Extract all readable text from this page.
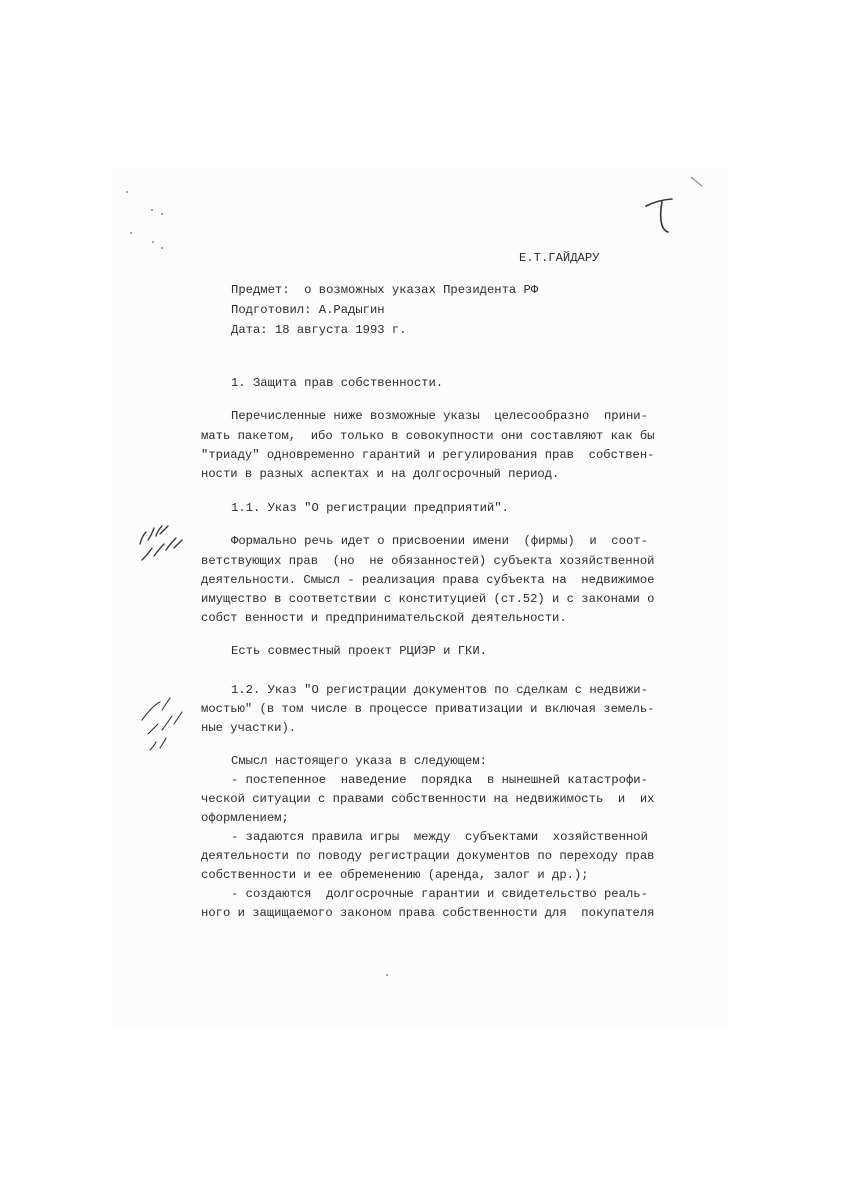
Е.Т.ГАЙДАРУ
Предмет:  о возможных указах Президента РФ
Подготовил: А.Радыгин
Дата: 18 августа 1993 г.
1. Защита прав собственности.
Перечисленные ниже возможные указы  целесообразно  прини-
мать пакетом,  ибо только в совокупности они составляют как бы
"триаду" одновременно гарантий и регулирования прав  собствен-
ности в разных аспектах и на долгосрочный период.
1.1. Указ "О регистрации предприятий".
Формально речь идет о присвоении имени  (фирмы)  и  соот-
ветствующих прав  (но  не обязанностей) субъекта хозяйственной
деятельности. Смысл - реализация права субъекта на  недвижимое
имущество в соответствии с конституцией (ст.52) и с законами о
собст венности и предпринимательской деятельности.
Есть совместный проект РЦИЭР и ГКИ.
1.2. Указ "О регистрации документов по сделкам с недвижи-
мостью" (в том числе в процессе приватизации и включая земель-
ные участки).
Смысл настоящего указа в следующем:
- постепенное  наведение  порядка  в нынешней катастрофи-
ческой ситуации с правами собственности на недвижимость  и  их
оформлением;
- задаются правила игры  между  субъектами  хозяйственной
деятельности по поводу регистрации документов по переходу прав
собственности и ее обременению (аренда, залог и др.);
- создаются  долгосрочные гарантии и свидетельство реаль-
ного и защищаемого законом права собственности для  покупателя
